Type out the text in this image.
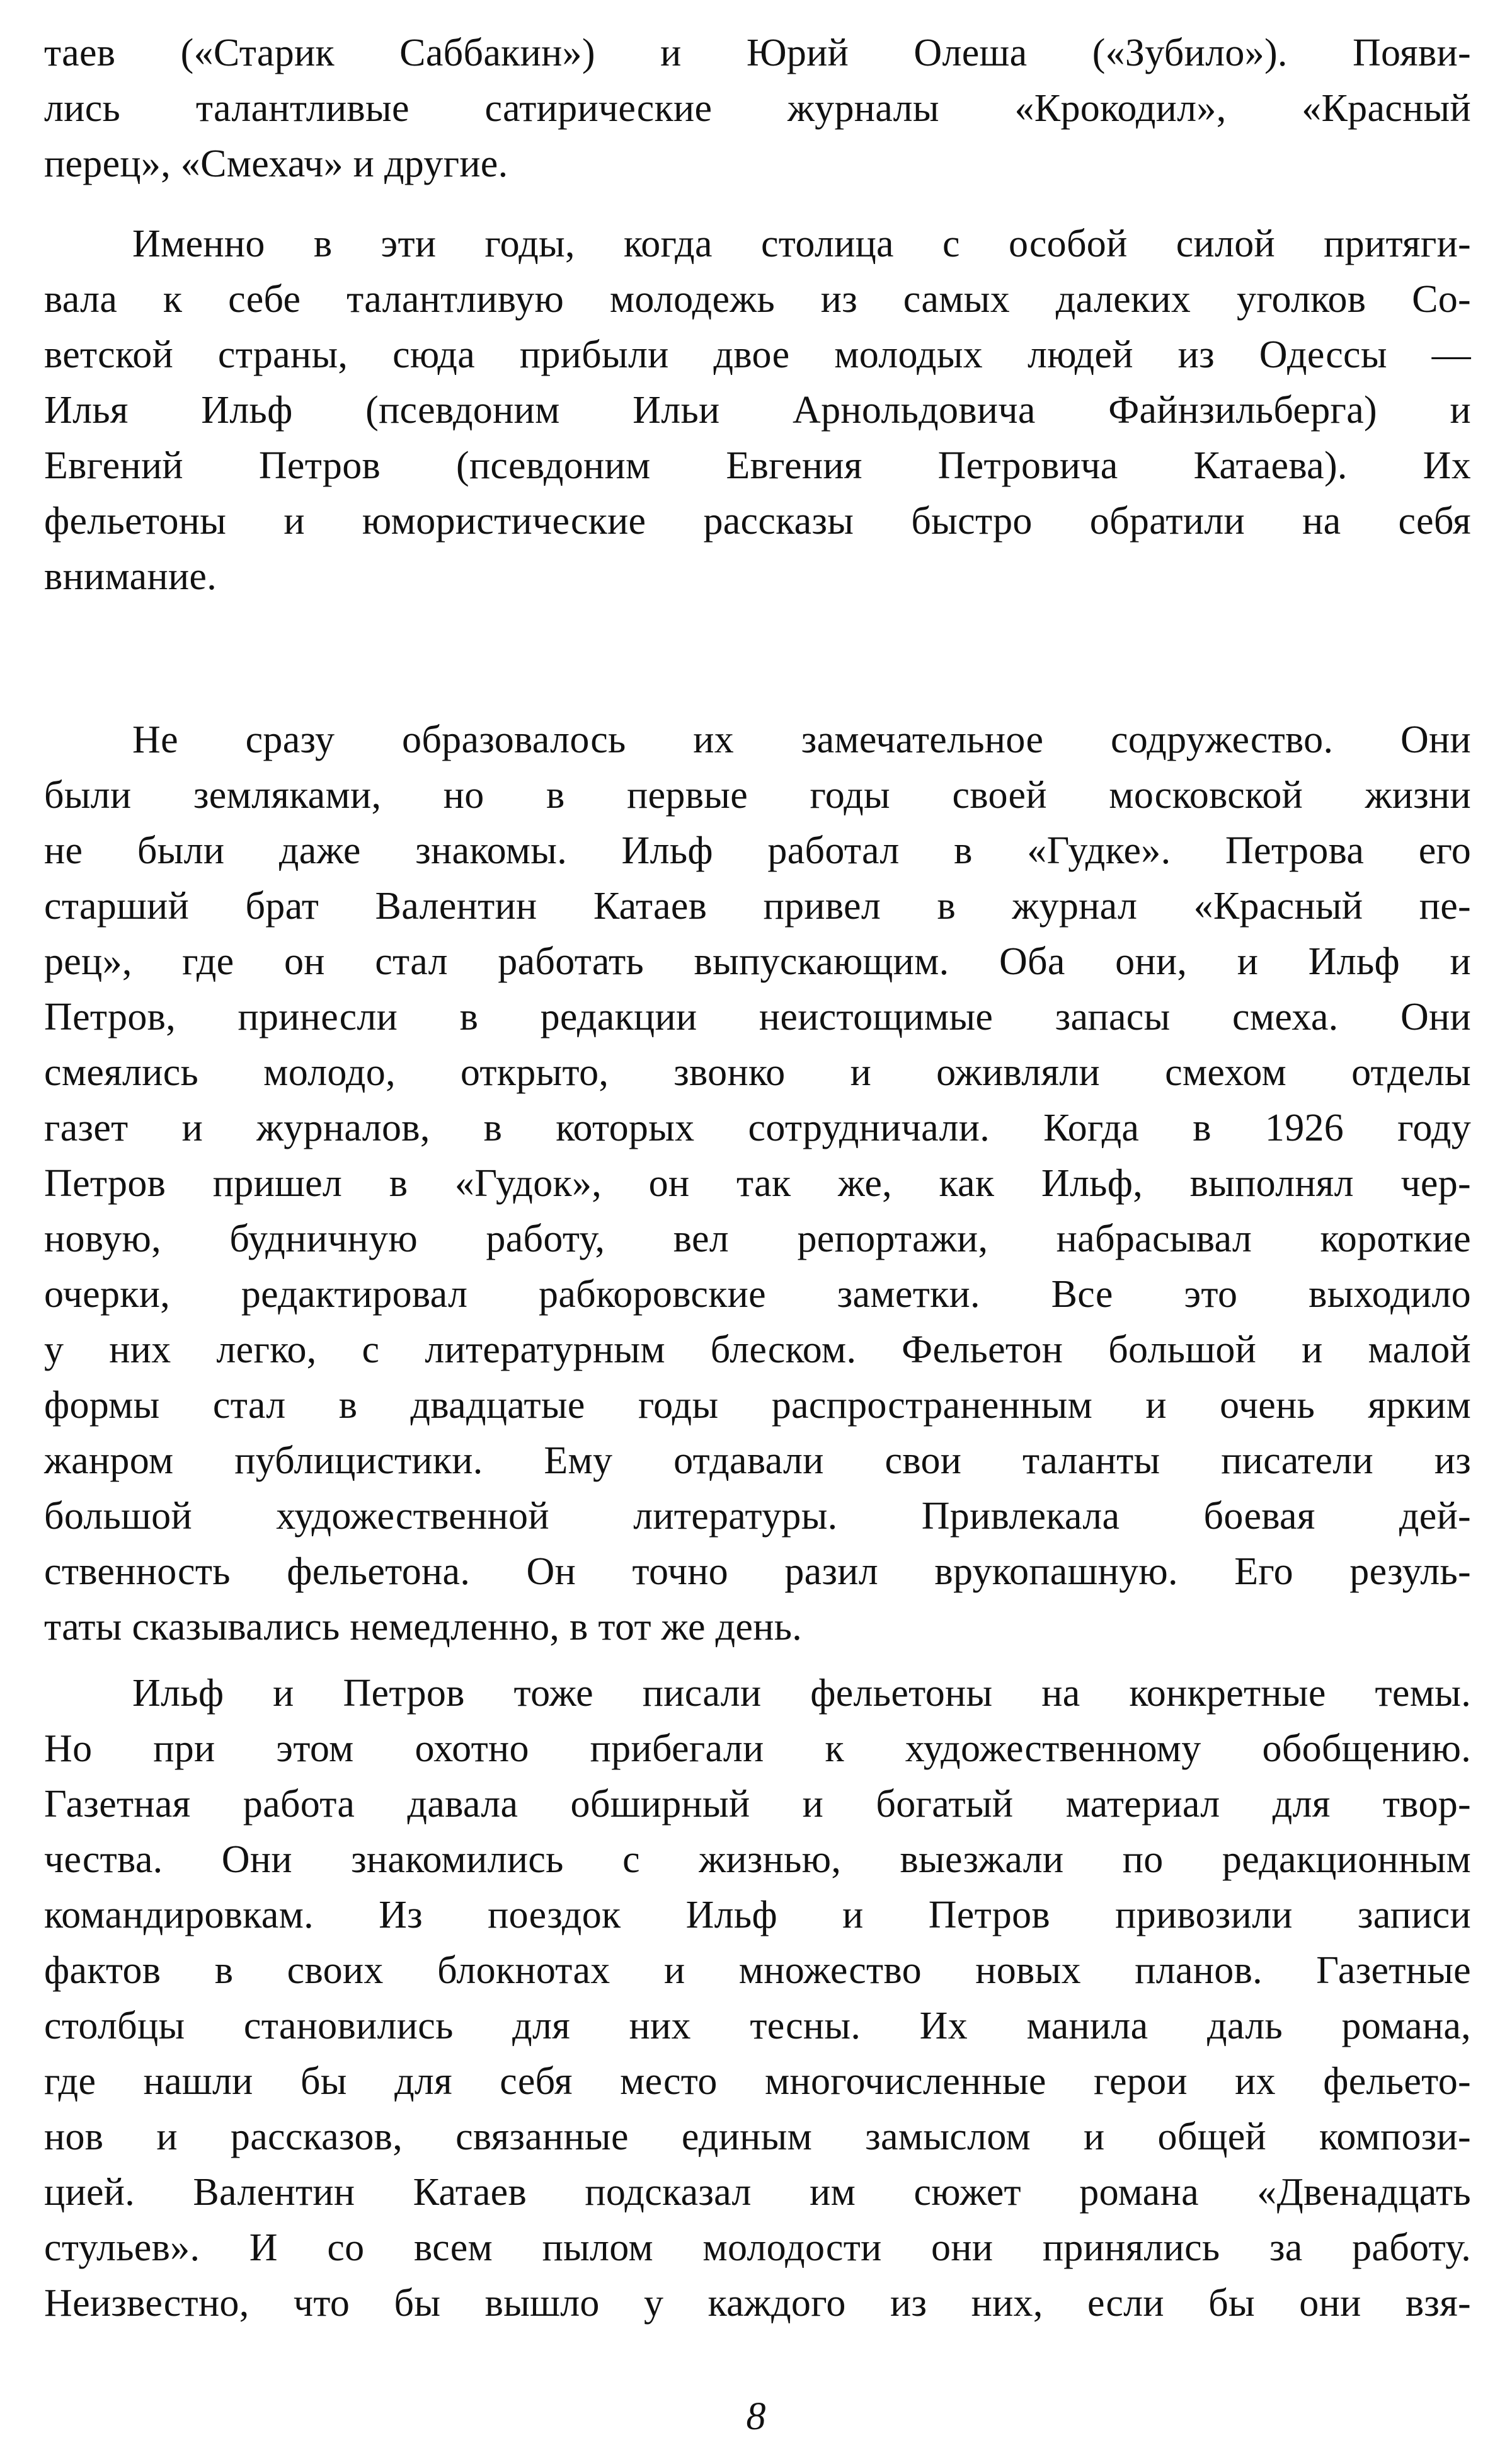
таев («Старик Саббакин») и Юрий Олеша («Зубило»). Появи-
лись талантливые сатирические журналы «Крокодил», «Красный
перец», «Смехач» и другие.
Именно в эти годы, когда столица с особой силой притяги-
вала к себе талантливую молодежь из самых далеких уголков Со-
ветской страны, сюда прибыли двое молодых людей из Одессы —
Илья Ильф (псевдоним Ильи Арнольдовича Файнзильберга) и
Евгений Петров (псевдоним Евгения Петровича Катаева). Их
фельетоны и юмористические рассказы быстро обратили на себя
внимание.
Не сразу образовалось их замечательное содружество. Они
были земляками, но в первые годы своей московской жизни
не были даже знакомы. Ильф работал в «Гудке». Петрова его
старший брат Валентин Катаев привел в журнал «Красный пе-
рец», где он стал работать выпускающим. Оба они, и Ильф и
Петров, принесли в редакции неистощимые запасы смеха. Они
смеялись молодо, открыто, звонко и оживляли смехом отделы
газет и журналов, в которых сотрудничали. Когда в 1926 году
Петров пришел в «Гудок», он так же, как Ильф, выполнял чер-
новую, будничную работу, вел репортажи, набрасывал короткие
очерки, редактировал рабкоровские заметки. Все это выходило
у них легко, с литературным блеском. Фельетон большой и малой
формы стал в двадцатые годы распространенным и очень ярким
жанром публицистики. Ему отдавали свои таланты писатели из
большой художественной литературы. Привлекала боевая дей-
ственность фельетона. Он точно разил врукопашную. Его резуль-
таты сказывались немедленно, в тот же день.
Ильф и Петров тоже писали фельетоны на конкретные темы.
Но при этом охотно прибегали к художественному обобщению.
Газетная работа давала обширный и богатый материал для твор-
чества. Они знакомились с жизнью, выезжали по редакционным
командировкам. Из поездок Ильф и Петров привозили записи
фактов в своих блокнотах и множество новых планов. Газетные
столбцы становились для них тесны. Их манила даль романа,
где нашли бы для себя место многочисленные герои их фельето-
нов и рассказов, связанные единым замыслом и общей компози-
цией. Валентин Катаев подсказал им сюжет романа «Двенадцать
стульев». И со всем пылом молодости они принялись за работу.
Неизвестно, что бы вышло у каждого из них, если бы они взя-
8
